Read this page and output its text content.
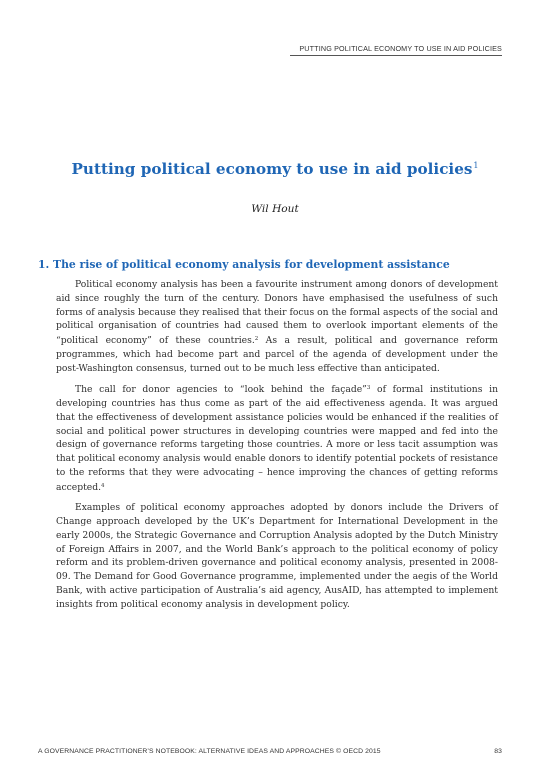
PUTTING POLITICAL ECONOMY TO USE IN AID POLICIES
Putting political economy to use in aid policies$^1$
Wil Hout
1. The rise of political economy analysis for development assistance

Political economy analysis has been a favourite instrument among donors of development aid since roughly the turn of the century. Donors have emphasised the usefulness of such forms of analysis because they realised that their focus on the formal aspects of the social and political organisation of countries had caused them to overlook important elements of the “political economy” of these countries.$^2$ As a result, political and governance reform programmes, which had become part and parcel of the agenda of development under the post-Washington consensus, turned out to be much less effective than anticipated.

The call for donor agencies to “look behind the façade”$^3$ of formal institutions in developing countries has thus come as part of the aid effectiveness agenda. It was argued that the effectiveness of development assistance policies would be enhanced if the realities of social and political power structures in developing countries were mapped and fed into the design of governance reforms targeting those countries. A more or less tacit assumption was that political economy analysis would enable donors to identify potential pockets of resistance to the reforms that they were advocating – hence improving the chances of getting reforms accepted.$^4$

Examples of political economy approaches adopted by donors include the Drivers of Change approach developed by the UK’s Department for International Development in the early 2000s, the Strategic Governance and Corruption Analysis adopted by the Dutch Ministry of Foreign Affairs in 2007, and the World Bank’s approach to the political economy of policy reform and its problem-driven governance and political economy analysis, presented in 2008-09. The Demand for Good Governance programme, implemented under the aegis of the World Bank, with active participation of Australia’s aid agency, AusAID, has attempted to implement insights from political economy analysis in development policy.

A GOVERNANCE PRACTITIONER’S NOTEBOOK: ALTERNATIVE IDEAS AND APPROACHES © OECD 2015	83
